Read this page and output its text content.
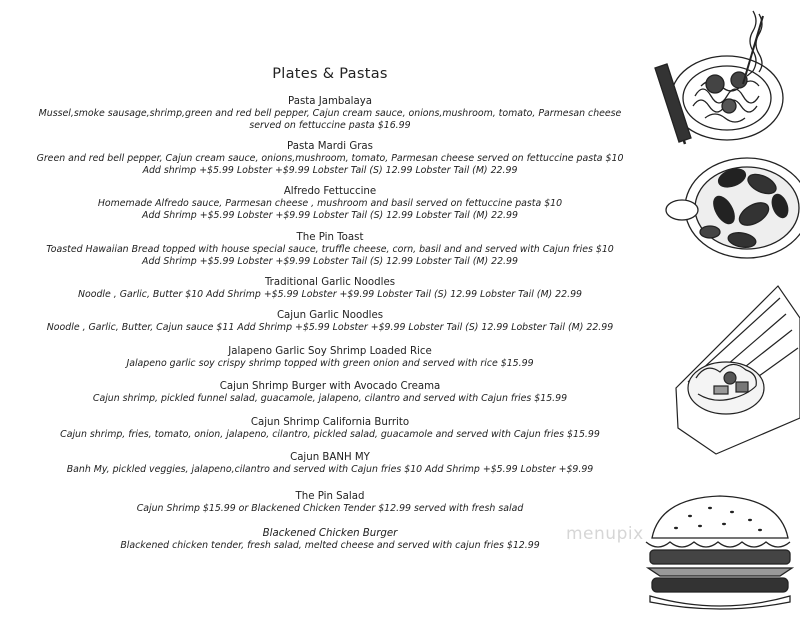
Plates & Pastas
Pasta Jambalaya
Mussel,smoke sausage,shrimp,green and red bell pepper, Cajun cream sauce, onions,mushroom, tomato, Parmesan cheese
served on fettuccine pasta $16.99
Pasta Mardi Gras
Green and red bell pepper, Cajun cream sauce, onions,mushroom, tomato, Parmesan cheese served on fettuccine pasta $10
Add shrimp +$5.99 Lobster +$9.99 Lobster Tail (S) 12.99 Lobster Tail (M) 22.99
Alfredo Fettuccine
Homemade Alfredo sauce, Parmesan cheese , mushroom and basil served on fettuccine pasta $10
Add Shrimp +$5.99 Lobster +$9.99 Lobster Tail (S) 12.99 Lobster Tail (M) 22.99
The Pin Toast
Toasted Hawaiian Bread topped with house special sauce, truffle cheese, corn, basil and and served with Cajun fries $10
Add Shrimp +$5.99 Lobster +$9.99 Lobster Tail (S) 12.99 Lobster Tail (M) 22.99
Traditional Garlic Noodles
Noodle , Garlic, Butter $10 Add Shrimp +$5.99 Lobster +$9.99 Lobster Tail (S) 12.99 Lobster Tail (M) 22.99
Cajun Garlic Noodles
Noodle , Garlic, Butter, Cajun sauce $11 Add Shrimp +$5.99 Lobster +$9.99 Lobster Tail (S) 12.99 Lobster Tail (M) 22.99
Jalapeno Garlic Soy Shrimp Loaded Rice
Jalapeno garlic soy crispy shrimp topped with green onion and served with rice $15.99
Cajun Shrimp Burger with Avocado Creama
Cajun shrimp, pickled funnel salad, guacamole, jalapeno, cilantro and served with Cajun fries $15.99
Cajun Shrimp California Burrito
Cajun shrimp, fries, tomato, onion, jalapeno, cilantro, pickled salad, guacamole and served with Cajun fries $15.99
Cajun BANH MY
Banh My, pickled veggies, jalapeno,cilantro and served with Cajun fries $10 Add Shrimp +$5.99 Lobster +$9.99
The Pin Salad
Cajun Shrimp $15.99 or Blackened Chicken Tender $12.99 served with fresh salad
Blackened Chicken Burger
Blackened chicken tender, fresh salad, melted cheese and served with cajun fries $12.99
menupix
